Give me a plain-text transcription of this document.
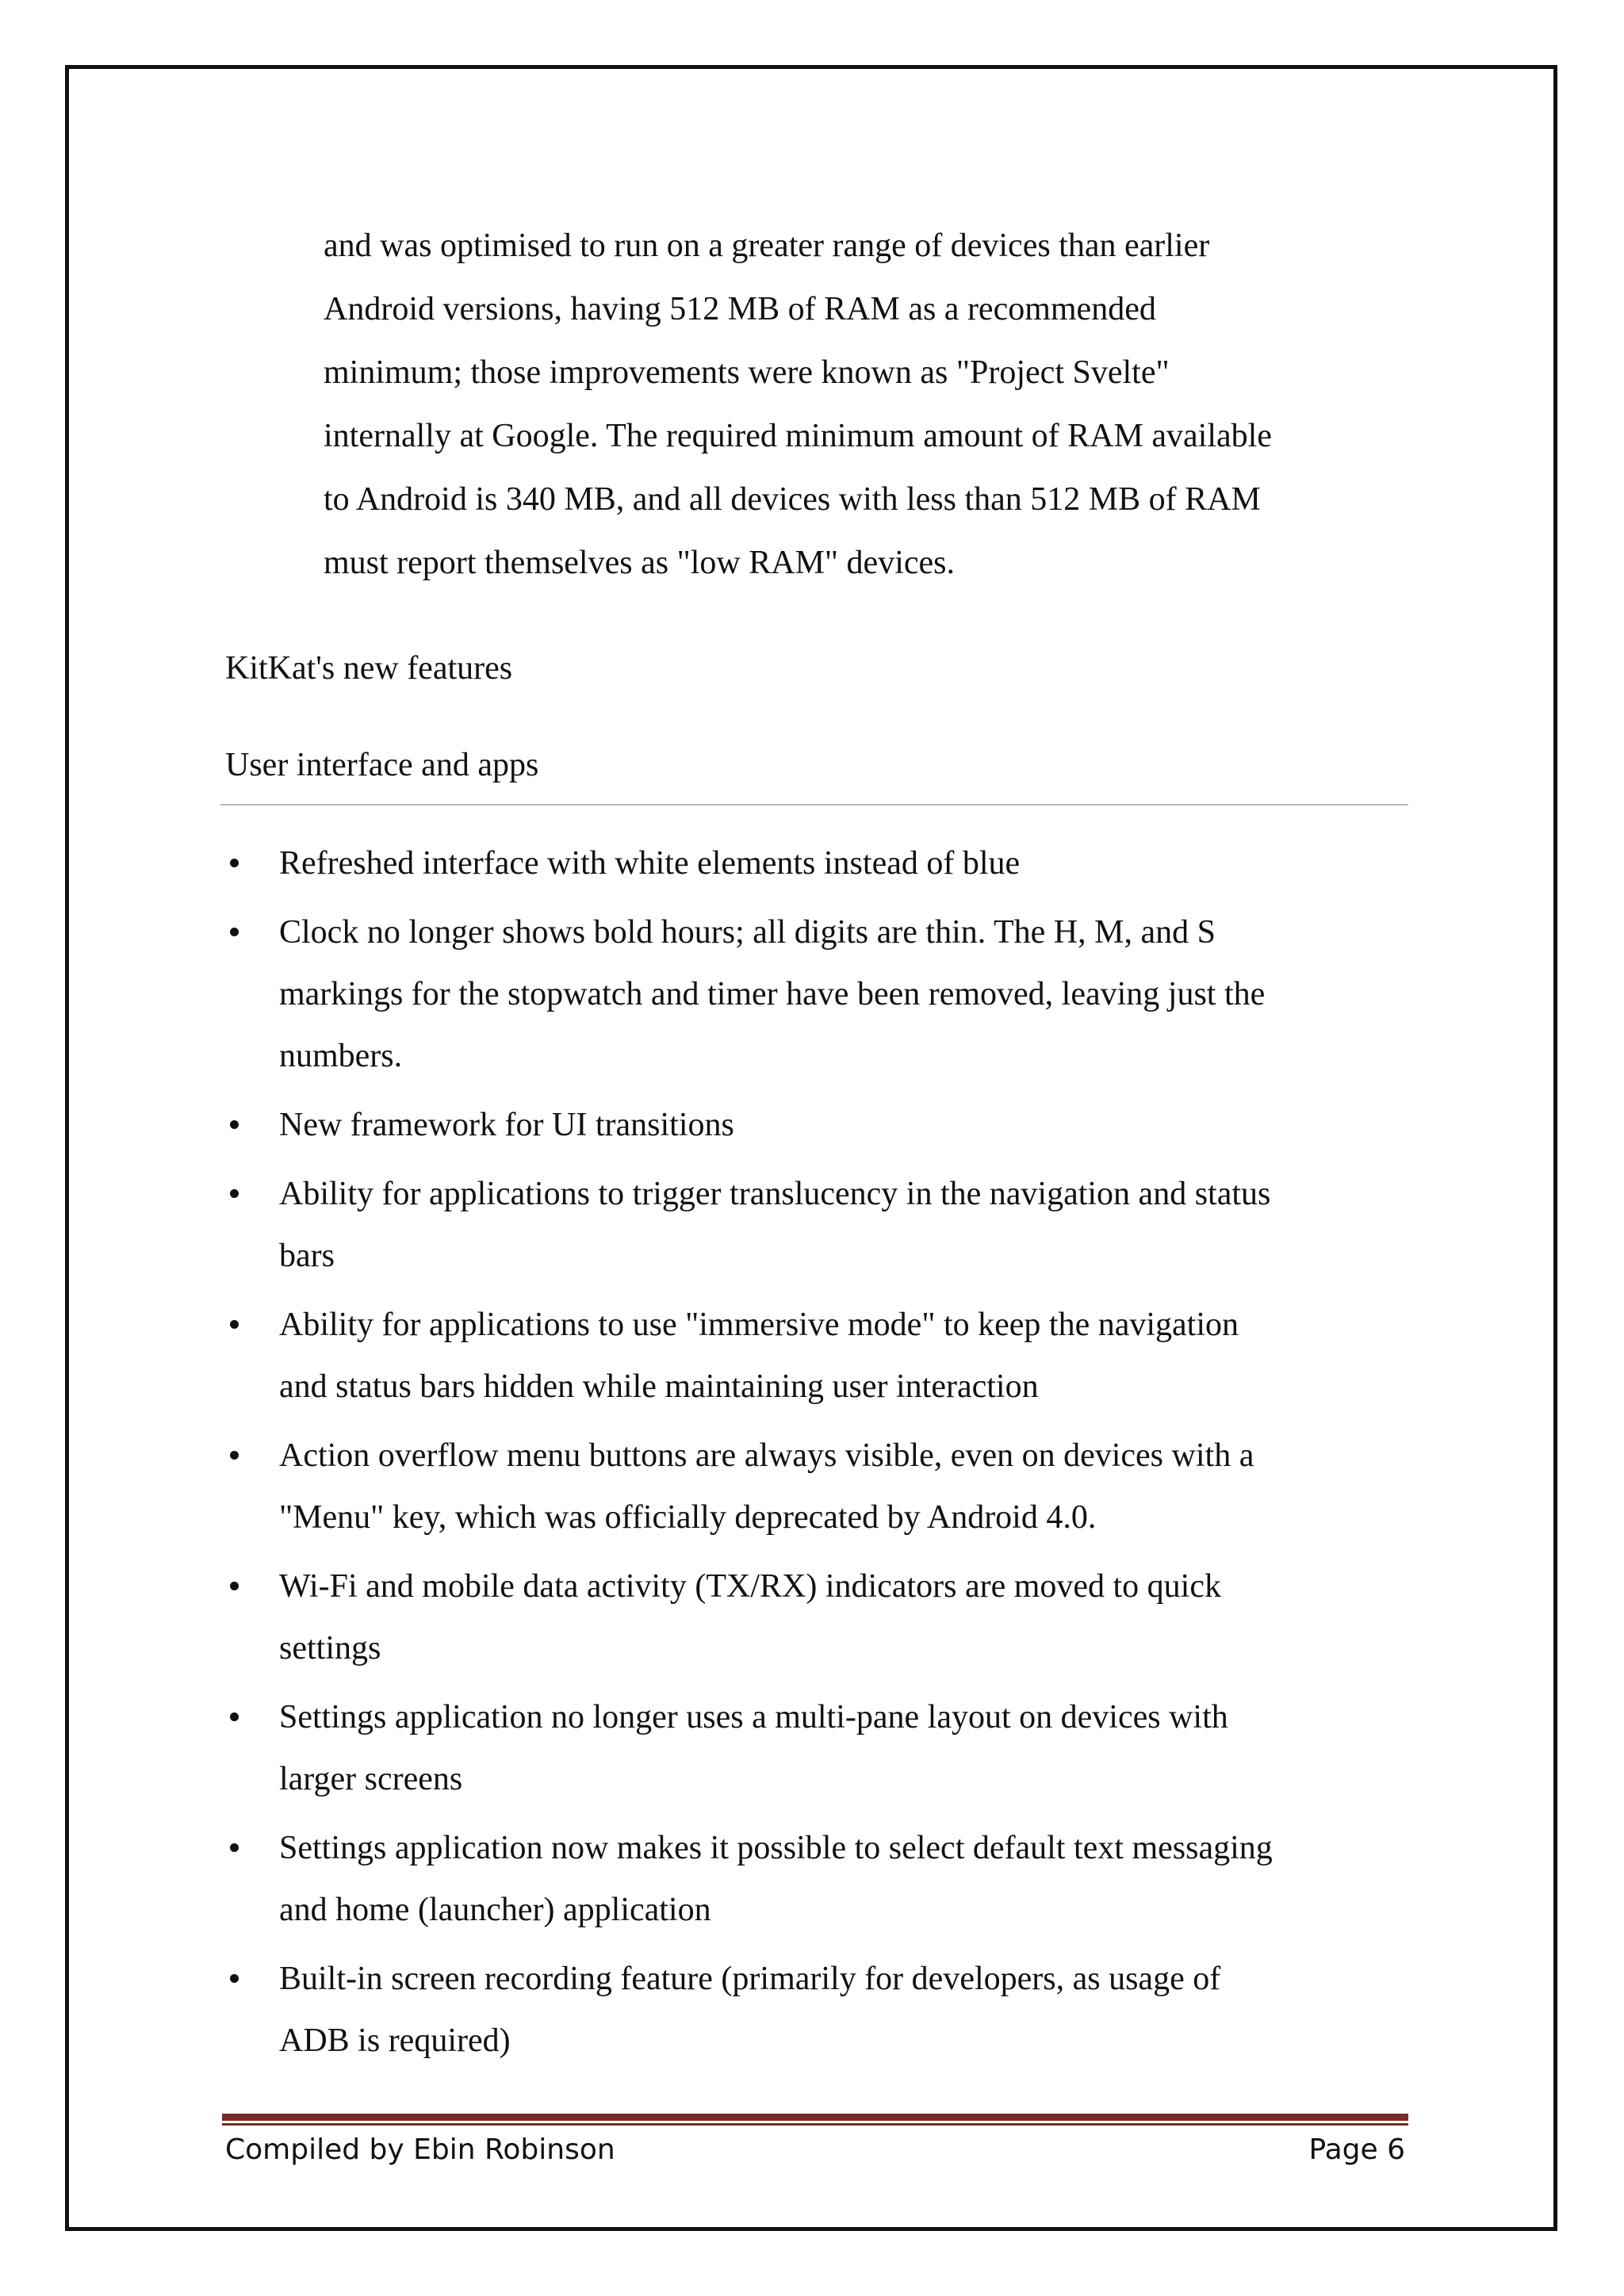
and was optimised to run on a greater range of devices than earlier
Android versions, having 512 MB of RAM as a recommended
minimum; those improvements were known as "Project Svelte"
internally at Google. The required minimum amount of RAM available
to Android is 340 MB, and all devices with less than 512 MB of RAM
must report themselves as "low RAM" devices.

KitKat's new features

User interface and apps

Refreshed interface with white elements instead of blue
Clock no longer shows bold hours; all digits are thin. The H, M, and S
markings for the stopwatch and timer have been removed, leaving just the
numbers.
New framework for UI transitions
Ability for applications to trigger translucency in the navigation and status
bars
Ability for applications to use "immersive mode" to keep the navigation
and status bars hidden while maintaining user interaction
Action overflow menu buttons are always visible, even on devices with a
"Menu" key, which was officially deprecated by Android 4.0.
Wi-Fi and mobile data activity (TX/RX) indicators are moved to quick
settings
Settings application no longer uses a multi-pane layout on devices with
larger screens
Settings application now makes it possible to select default text messaging
and home (launcher) application
Built-in screen recording feature (primarily for developers, as usage of
ADB is required)
Compiled by Ebin Robinson	Page 6
